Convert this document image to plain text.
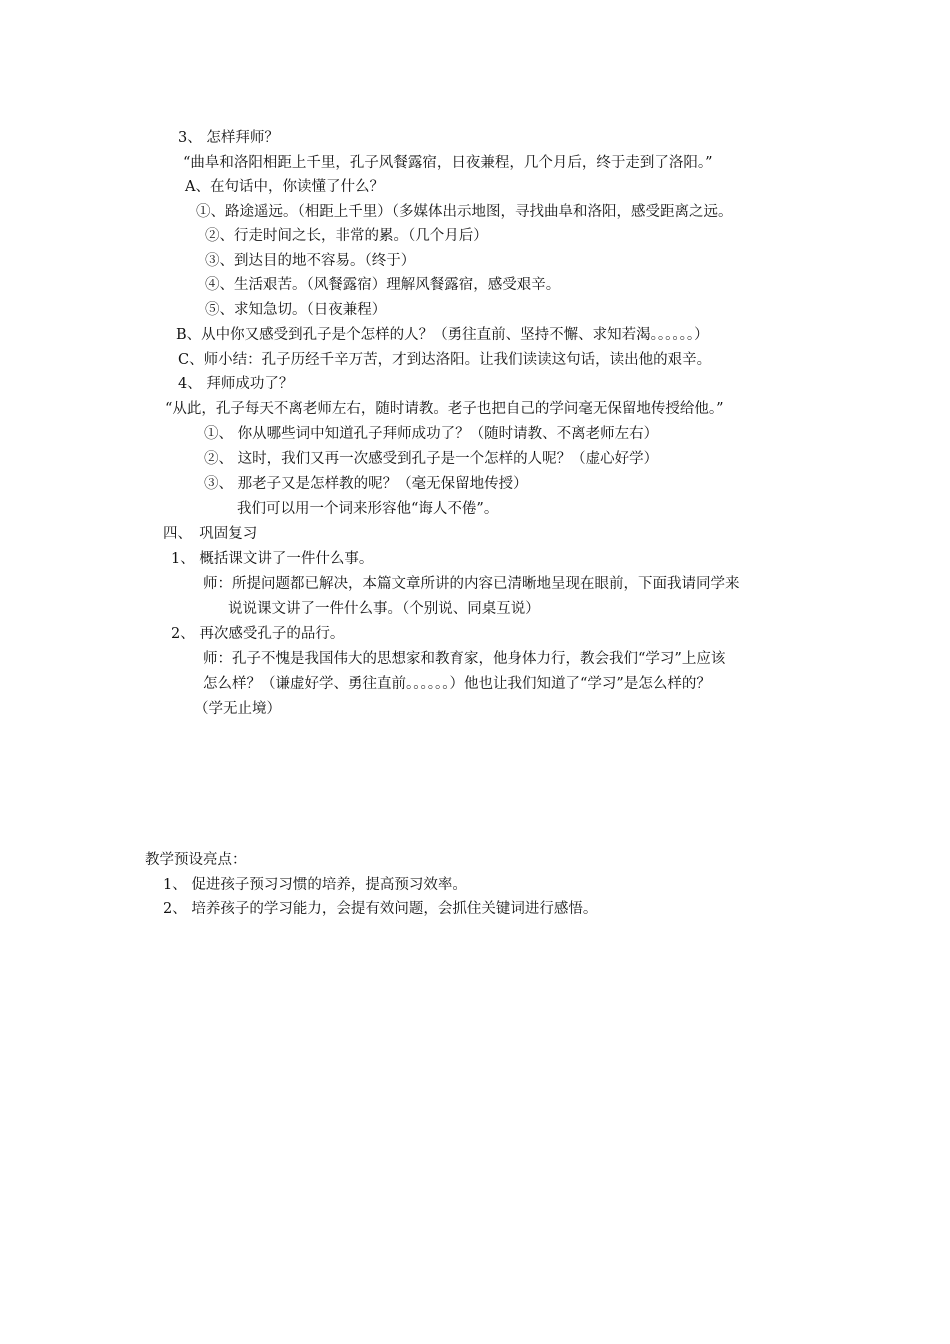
3、 怎样拜师？
“曲阜和洛阳相距上千里，孔子风餐露宿，日夜兼程，几个月后，终于走到了洛阳。”
A、在句话中，你读懂了什么？
①、路途遥远。（相距上千里）（多媒体出示地图，寻找曲阜和洛阳，感受距离之远。
②、行走时间之长，非常的累。（几个月后）
③、到达目的地不容易。（终于）
④、生活艰苦。（风餐露宿）理解风餐露宿，感受艰辛。
⑤、求知急切。（日夜兼程）
B、从中你又感受到孔子是个怎样的人？（勇往直前、坚持不懈、求知若渴。。。。。。）
C、师小结：孔子历经千辛万苦，才到达洛阳。让我们读读这句话，读出他的艰辛。
4、 拜师成功了？
“从此，孔子每天不离老师左右，随时请教。老子也把自己的学问毫无保留地传授给他。”
①、 你从哪些词中知道孔子拜师成功了？（随时请教、不离老师左右）
②、 这时，我们又再一次感受到孔子是一个怎样的人呢？（虚心好学）
③、 那老子又是怎样教的呢？（毫无保留地传授）
我们可以用一个词来形容他“诲人不倦”。
四、　巩固复习
1、 概括课文讲了一件什么事。
师：所提问题都已解决，本篇文章所讲的内容已清晰地呈现在眼前，下面我请同学来
说说课文讲了一件什么事。（个别说、同桌互说）
2、 再次感受孔子的品行。
师：孔子不愧是我国伟大的思想家和教育家，他身体力行，教会我们“学习”上应该
怎么样？（谦虚好学、勇往直前。。。。。。）他也让我们知道了“学习”是怎么样的？
（学无止境）
教学预设亮点：
1、 促进孩子预习习惯的培养，提高预习效率。
2、 培养孩子的学习能力，会提有效问题，会抓住关键词进行感悟。
